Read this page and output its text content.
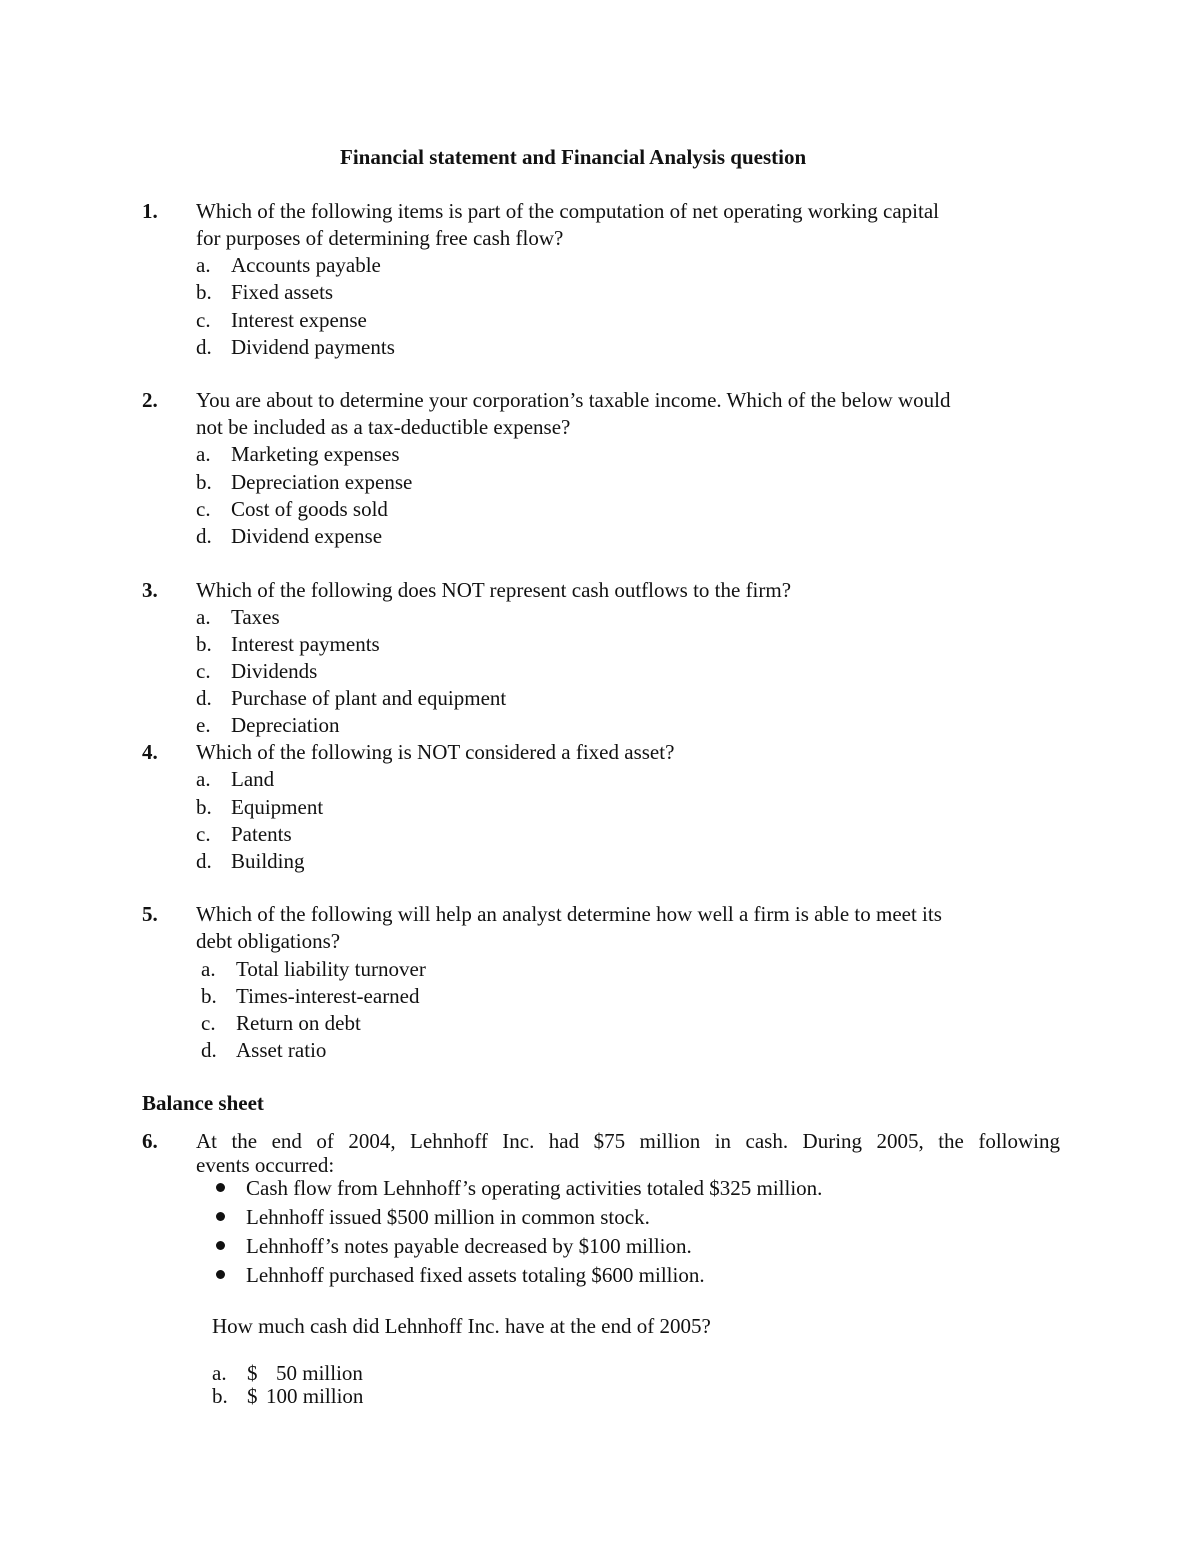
Financial statement and Financial Analysis question
1. Which of the following items is part of the computation of net operating working capital
for purposes of determining free cash flow?
a. Accounts payable
b. Fixed assets
c. Interest expense
d. Dividend payments
2. You are about to determine your corporation’s taxable income. Which of the below would
not be included as a tax-deductible expense?
a. Marketing expenses
b. Depreciation expense
c. Cost of goods sold
d. Dividend expense
3. Which of the following does NOT represent cash outflows to the firm?
a. Taxes
b. Interest payments
c. Dividends
d. Purchase of plant and equipment
e. Depreciation
4. Which of the following is NOT considered a fixed asset?
a. Land
b. Equipment
c. Patents
d. Building
5. Which of the following will help an analyst determine how well a firm is able to meet its
debt obligations?
a. Total liability turnover
b. Times-interest-earned
c. Return on debt
d. Asset ratio
Balance sheet
6. At the end of 2004, Lehnhoff Inc. had $75 million in cash. During 2005, the following
events occurred:
Cash flow from Lehnhoff’s operating activities totaled $325 million.
Lehnhoff issued $500 million in common stock.
Lehnhoff’s notes payable decreased by $100 million.
Lehnhoff purchased fixed assets totaling $600 million.
How much cash did Lehnhoff Inc. have at the end of 2005?
a. $ 50 million
b. $ 100 million
